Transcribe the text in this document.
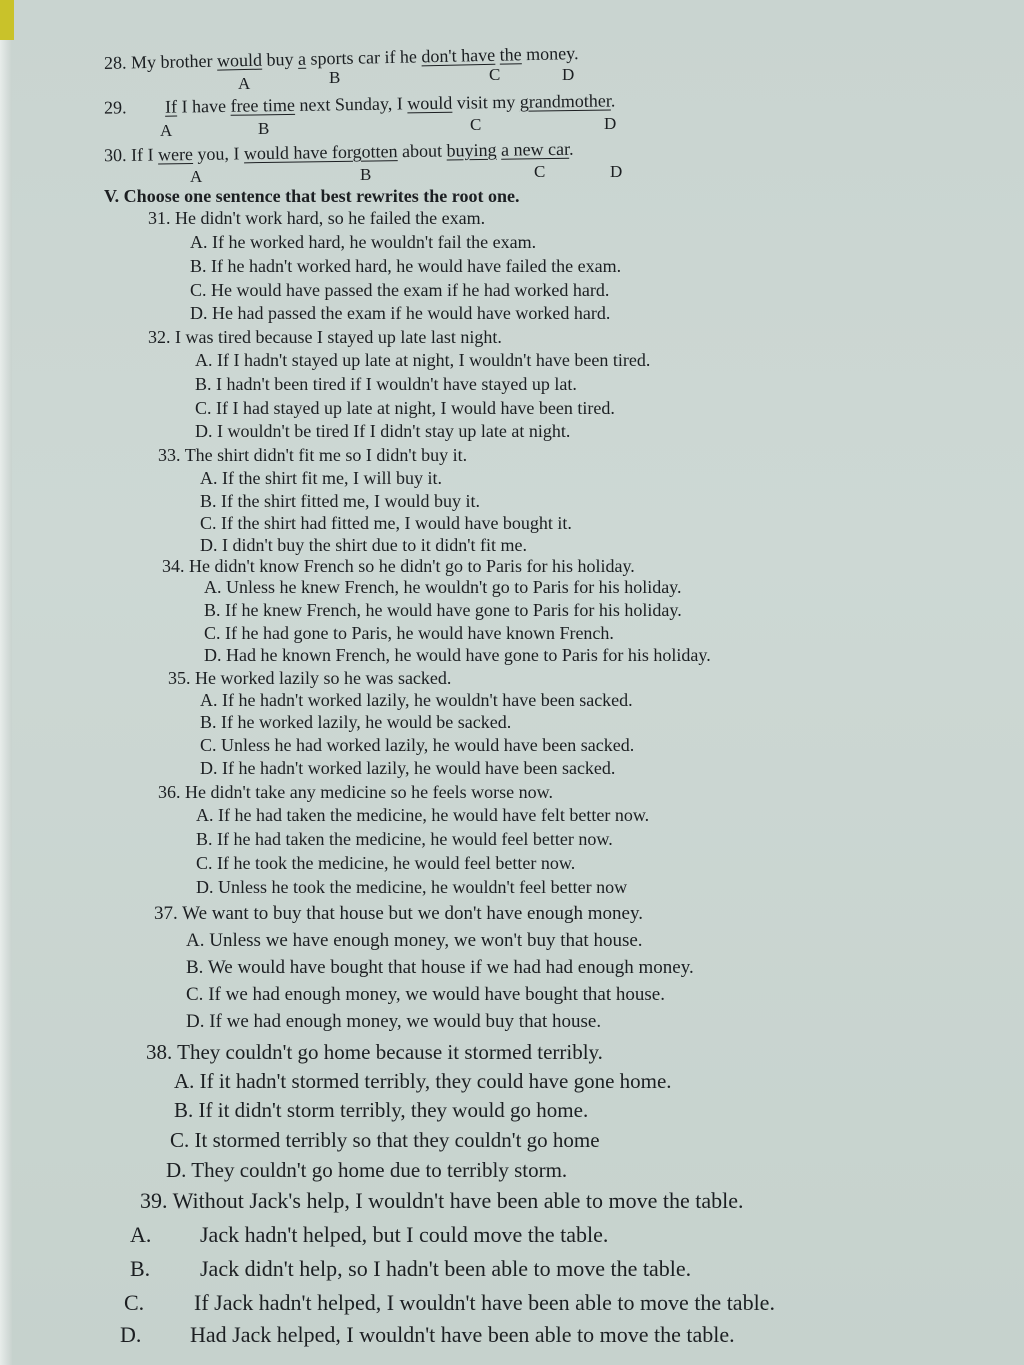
28. My brother would buy a sports car if he don't have the money.
A	B	C	D
29. If I have free time next Sunday, I would visit my grandmother.
A	B	C	D
30. If I were you, I would have forgotten about buying a new car.
A	B	C	D
V. Choose one sentence that best rewrites the root one.
31. He didn't work hard, so he failed the exam.
A. If he worked hard, he wouldn't fail the exam.
B. If he hadn't worked hard, he would have failed the exam.
C. He would have passed the exam if he had worked hard.
D. He had passed the exam if he would have worked hard.
32. I was tired because I stayed up late last night.
A. If I hadn't stayed up late at night, I wouldn't have been tired.
B. I hadn't been tired if I wouldn't have stayed up lat.
C. If I had stayed up late at night, I would have been tired.
D. I wouldn't be tired If I didn't stay up late at night.
33. The shirt didn't fit me so I didn't buy it.
A. If the shirt fit me, I will buy it.
B. If the shirt fitted me, I would buy it.
C. If the shirt had fitted me, I would have bought it.
D. I didn't buy the shirt due to it didn't fit me.
34. He didn't know French so he didn't go to Paris for his holiday.
A. Unless he knew French, he wouldn't go to Paris for his holiday.
B. If he knew French, he would have gone to Paris for his holiday.
C. If he had gone to Paris, he would have known French.
D. Had he known French, he would have gone to Paris for his holiday.
35. He worked lazily so he was sacked.
A. If he hadn't worked lazily, he wouldn't have been sacked.
B. If he worked lazily, he would be sacked.
C. Unless he had worked lazily, he would have been sacked.
D. If he hadn't worked lazily, he would have been sacked.
36. He didn't take any medicine so he feels worse now.
A. If he had taken the medicine, he would have felt better now.
B. If he had taken the medicine, he would feel better now.
C. If he took the medicine, he would feel better now.
D. Unless he took the medicine, he wouldn't feel better now
37. We want to buy that house but we don't have enough money.
A. Unless we have enough money, we won't buy that house.
B. We would have bought that house if we had had enough money.
C. If we had enough money, we would have bought that house.
D. If we had enough money, we would buy that house.
38. They couldn't go home because it stormed terribly.
A. If it hadn't stormed terribly, they could have gone home.
B. If it didn't storm terribly, they would go home.
C. It stormed terribly so that they couldn't go home
D. They couldn't go home due to terribly storm.
39. Without Jack's help, I wouldn't have been able to move the table.
A. Jack hadn't helped, but I could move the table.
B. Jack didn't help, so I hadn't been able to move the table.
C. If Jack hadn't helped, I wouldn't have been able to move the table.
D. Had Jack helped, I wouldn't have been able to move the table.
